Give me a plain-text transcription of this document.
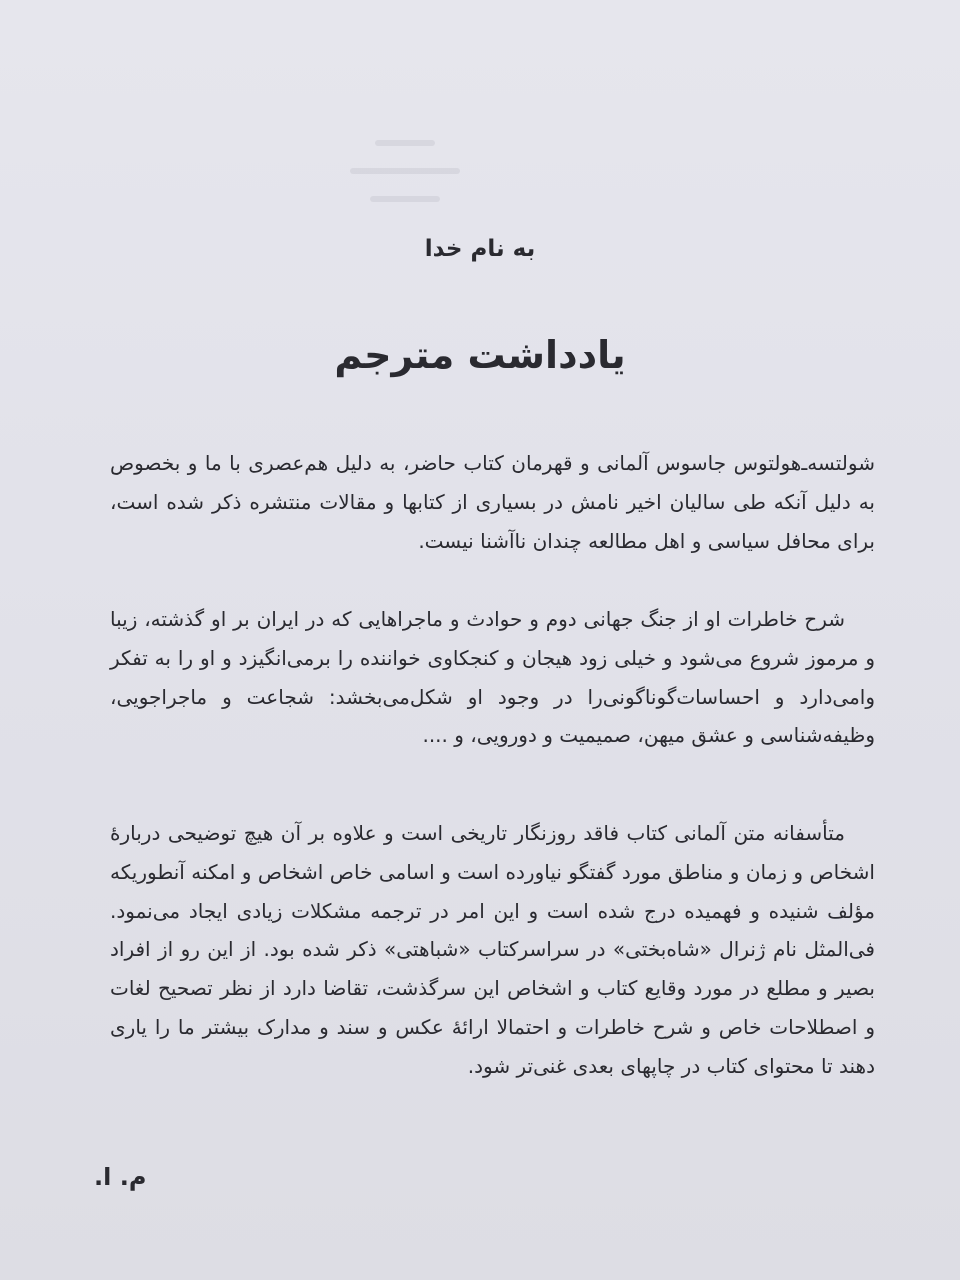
به نام خدا
یادداشت مترجم
شولتسه‌ـ‌هولتوس جاسوس آلمانی و قهرمان کتاب حاضر، به دلیل هم‌عصری با ما و بخصوص به دلیل آنکه طی سالیان اخیر نامش در بسیاری از کتابها و مقالات منتشره ذکر شده است، برای محافل سیاسی و اهل مطالعه چندان ناآشنا نیست.
شرح خاطرات او از جنگ جهانی دوم و حوادث و ماجراهایی که در ایران بر او گذشته، زیبا و مرموز شروع می‌شود و خیلی زود هیجان و کنجکاوی خواننده را برمی‌انگیزد و او را به تفکر وامی‌دارد و احساسات‌گوناگونی‌را در وجود او شکل‌می‌بخشد: شجاعت و ماجراجویی، وظیفه‌شناسی و عشق میهن، صمیمیت و دورویی، و ....
متأسفانه متن آلمانی کتاب فاقد روزنگار تاریخی است و علاوه بر آن هیچ توضیحی دربارهٔ اشخاص و زمان و مناطق مورد گفتگو نیاورده است و اسامی خاص اشخاص و امکنه آنطوریکه مؤلف شنیده و فهمیده درج شده است و این امر در ترجمه مشکلات زیادی ایجاد می‌نمود. فی‌المثل نام ژنرال «شاه‌بختی» در سراسرکتاب «شباهتی» ذکر شده بود. از این رو از افراد بصیر و مطلع در مورد وقایع کتاب و اشخاص این سرگذشت، تقاضا دارد از نظر تصحیح لغات و اصطلاحات خاص و شرح خاطرات و احتمالا ارائهٔ عکس و سند و مدارک بیشتر ما را یاری دهند تا محتوای کتاب در چاپهای بعدی غنی‌تر شود.
م. ا.
